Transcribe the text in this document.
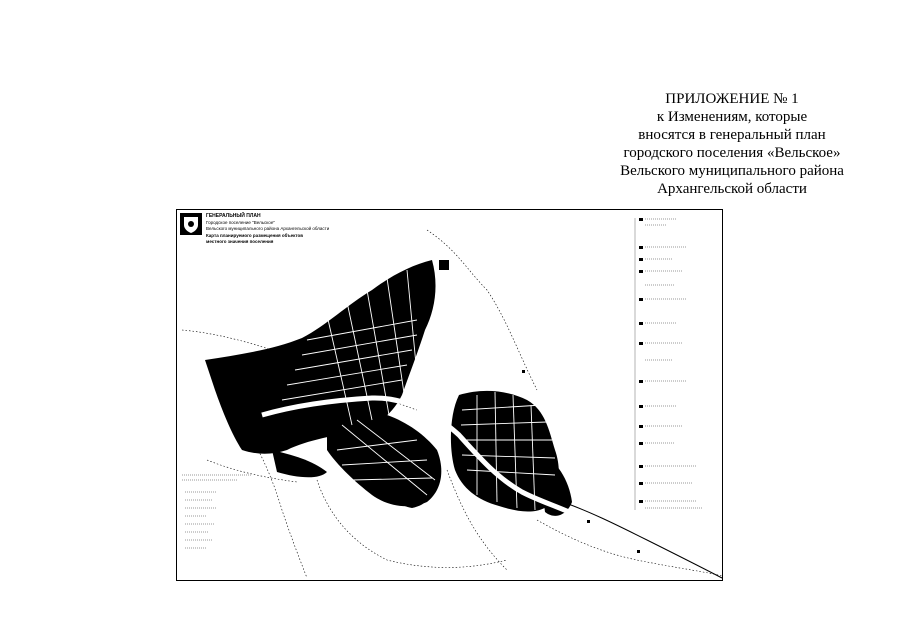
ПРИЛОЖЕНИЕ № 1
к Изменениям, которые
вносятся в генеральный план
городского поселения «Вельское»
Вельского муниципального района
Архангельской области
ГЕНЕРАЛЬНЫЙ ПЛАН
Городское поселение "Вельское"
Вельского муниципального района Архангельской области
Карта планируемого размещения объектов
местного значения поселения
